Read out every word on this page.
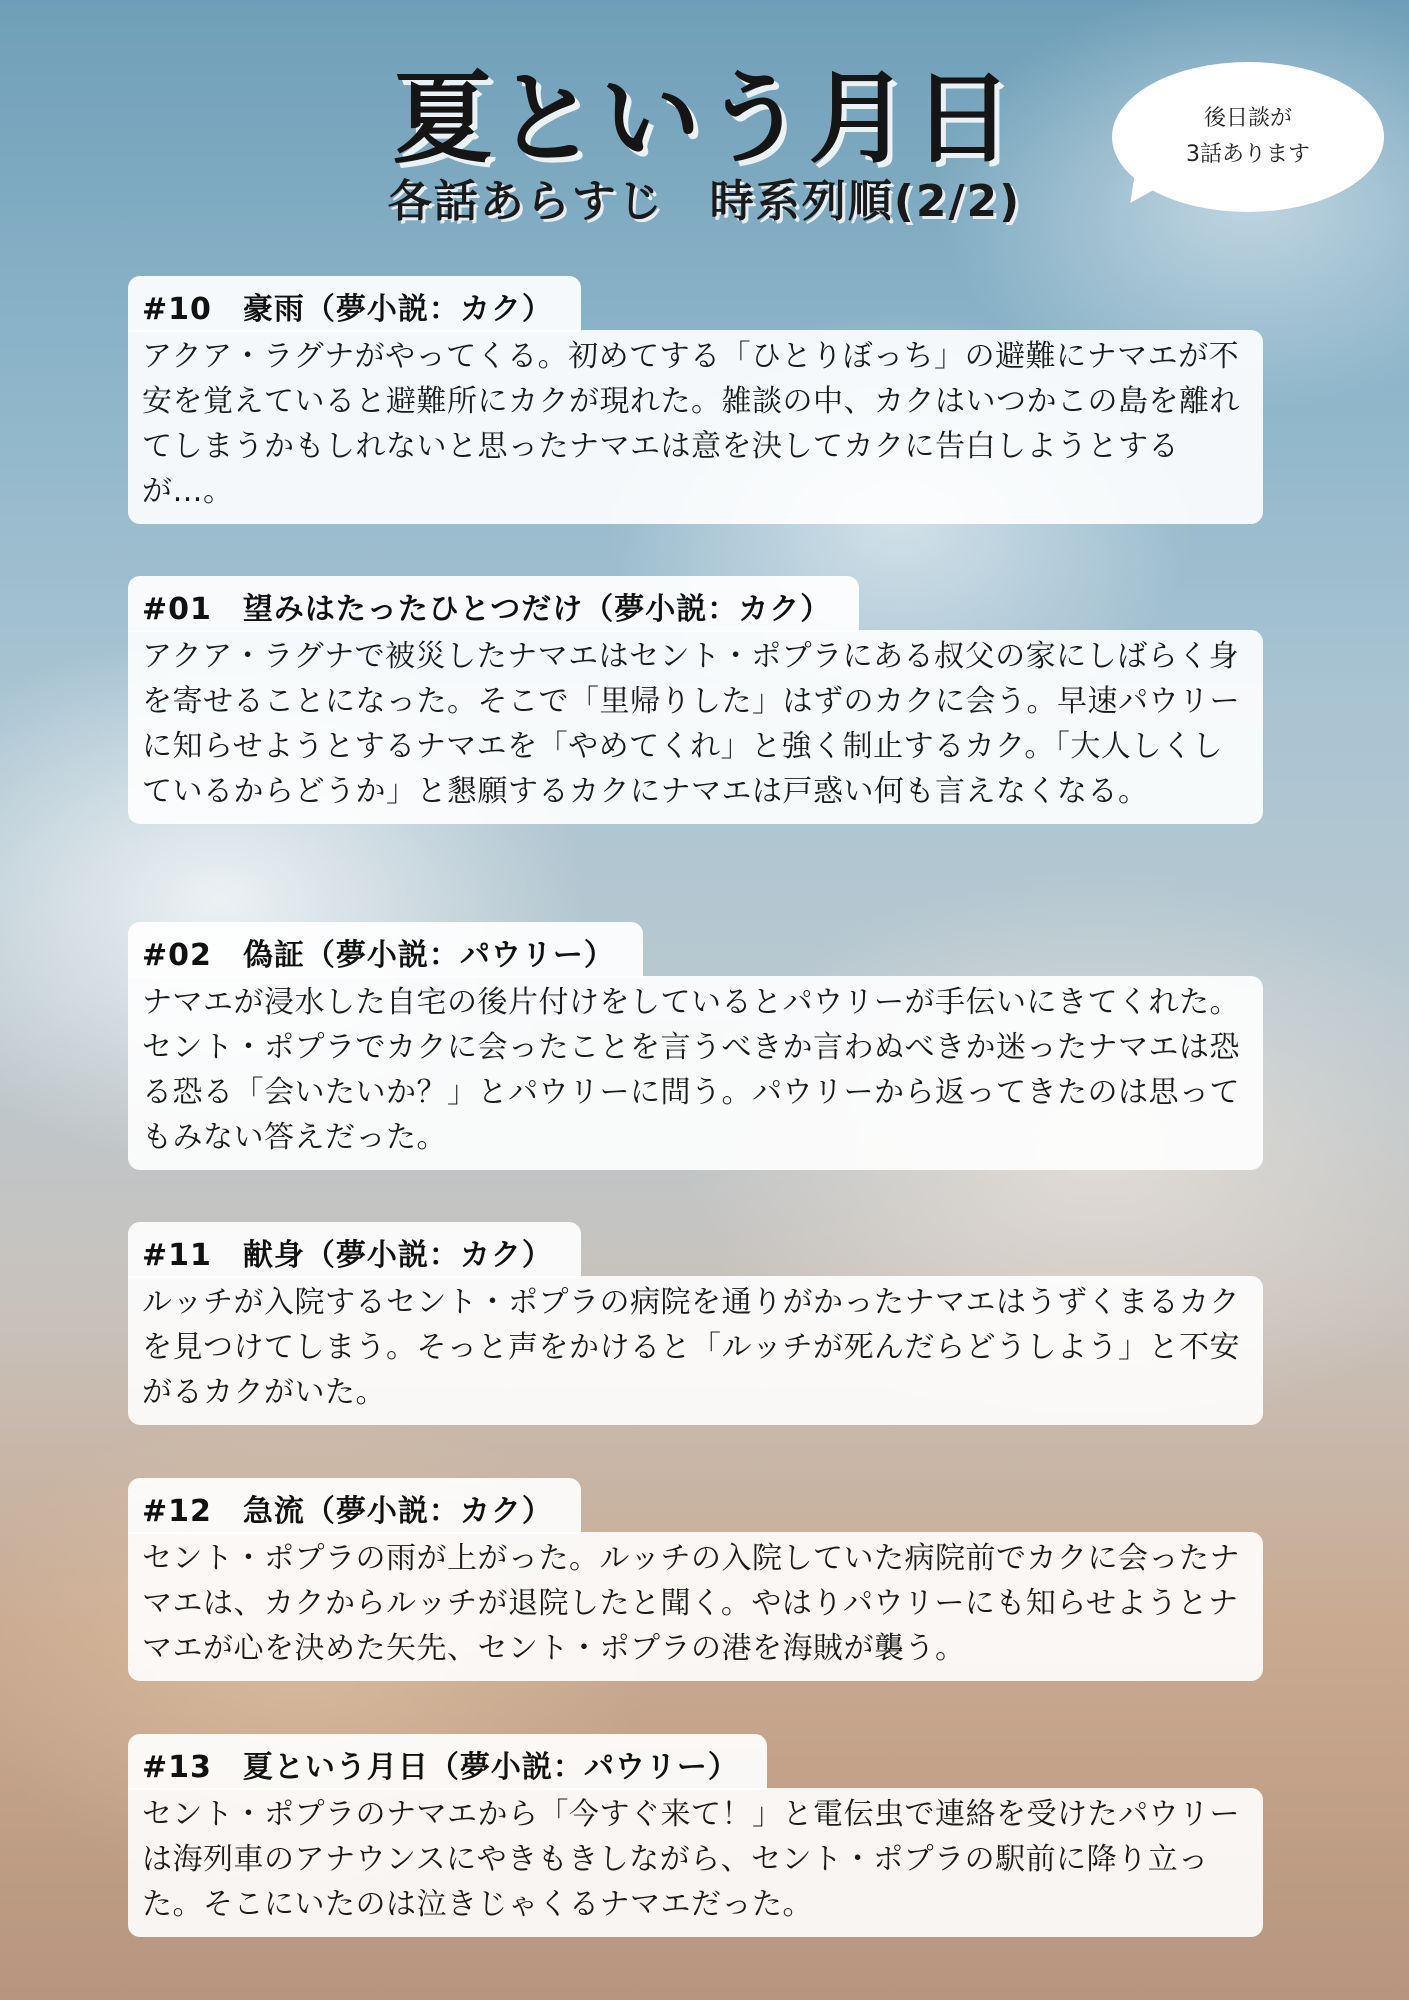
夏という月日
各話あらすじ　時系列順(2/2)
後日談が
3話あります
#10　豪雨（夢小説：カク）
アクア・ラグナがやってくる。初めてする「ひとりぼっち」の避難にナマエが不安を覚えていると避難所にカクが現れた。雑談の中、カクはいつかこの島を離れてしまうかもしれないと思ったナマエは意を決してカクに告白しようとするが…。
#01　望みはたったひとつだけ（夢小説：カク）
アクア・ラグナで被災したナマエはセント・ポプラにある叔父の家にしばらく身を寄せることになった。そこで「里帰りした」はずのカクに会う。早速パウリーに知らせようとするナマエを「やめてくれ」と強く制止するカク。「大人しくしているからどうか」と懇願するカクにナマエは戸惑い何も言えなくなる。
#02　偽証（夢小説：パウリー）
ナマエが浸水した自宅の後片付けをしているとパウリーが手伝いにきてくれた。セント・ポプラでカクに会ったことを言うべきか言わぬべきか迷ったナマエは恐る恐る「会いたいか？」とパウリーに問う。パウリーから返ってきたのは思ってもみない答えだった。
#11　献身（夢小説：カク）
ルッチが入院するセント・ポプラの病院を通りがかったナマエはうずくまるカクを見つけてしまう。そっと声をかけると「ルッチが死んだらどうしよう」と不安がるカクがいた。
#12　急流（夢小説：カク）
セント・ポプラの雨が上がった。ルッチの入院していた病院前でカクに会ったナマエは、カクからルッチが退院したと聞く。やはりパウリーにも知らせようとナマエが心を決めた矢先、セント・ポプラの港を海賊が襲う。
#13　夏という月日（夢小説：パウリー）
セント・ポプラのナマエから「今すぐ来て！」と電伝虫で連絡を受けたパウリーは海列車のアナウンスにやきもきしながら、セント・ポプラの駅前に降り立った。そこにいたのは泣きじゃくるナマエだった。
